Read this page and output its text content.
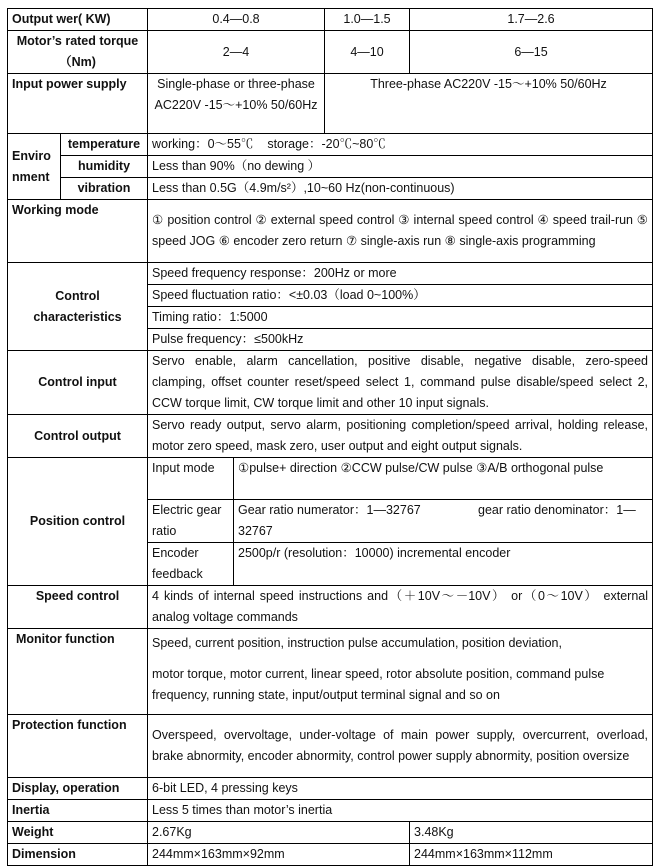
Output wer( KW)		0.4—0.8		1.0—1.5	1.7—2.6
Motor’s rated torque（Nm)		2—4		4—10	6—15
Input power supply		Single-phase or three-phase AC220V -15～+10% 50/60Hz		Three-phase AC220V -15～+10% 50/60Hz	
Environment	temperature	working：0～55℃    storage：-20℃~80℃			
	humidity	Less than 90%（no dewing ）			
	vibration	Less than 0.5G（4.9m/s²）,10~60 Hz(non-continuous)			
Working mode		① position control ② external speed control ③ internal speed control ④ speed trail-run ⑤ speed JOG ⑥ encoder zero return ⑦ single-axis run ⑧ single-axis programming			
Control characteristics		Speed frequency response：200Hz or more			
		Speed fluctuation ratio：<±0.03（load 0~100%）			
		Timing ratio：1:5000			
		Pulse frequency：≤500kHz			
Control input		Servo enable, alarm cancellation, positive disable, negative disable, zero-speed clamping, offset counter reset/speed select 1, command pulse disable/speed select 2, CCW torque limit, CW torque limit and other 10 input signals.			
Control output		Servo ready output, servo alarm, positioning completion/speed arrival, holding release, motor zero speed, mask zero, user output and eight output signals.			
Position control		Input mode	①pulse+ direction ②CCW pulse/CW pulse ③A/B orthogonal pulse		
		Electric gear ratio	Gear ratio numerator：1—32767 gear ratio denominator：1—32767		
		Encoder feedback	2500p/r (resolution：10000) incremental encoder		
Speed control		4 kinds of internal speed instructions and（＋10V～－10V） or（0～10V） external analog voltage commands			
Monitor function		Speed, current position, instruction pulse accumulation, position deviation,
motor torque, motor current, linear speed, rotor absolute position, command pulse frequency, running state, input/output terminal signal and so on			

Protection function		Overspeed, overvoltage, under-voltage of main power supply, overcurrent, overload, brake abnormity, encoder abnormity, control power supply abnormity, position oversize			
Display, operation		6-bit LED, 4 pressing keys			
Inertia		Less 5 times than motor’s inertia			
Weight		2.67Kg			3.48Kg
Dimension		244mm×163mm×92mm			244mm×163mm×112mm
